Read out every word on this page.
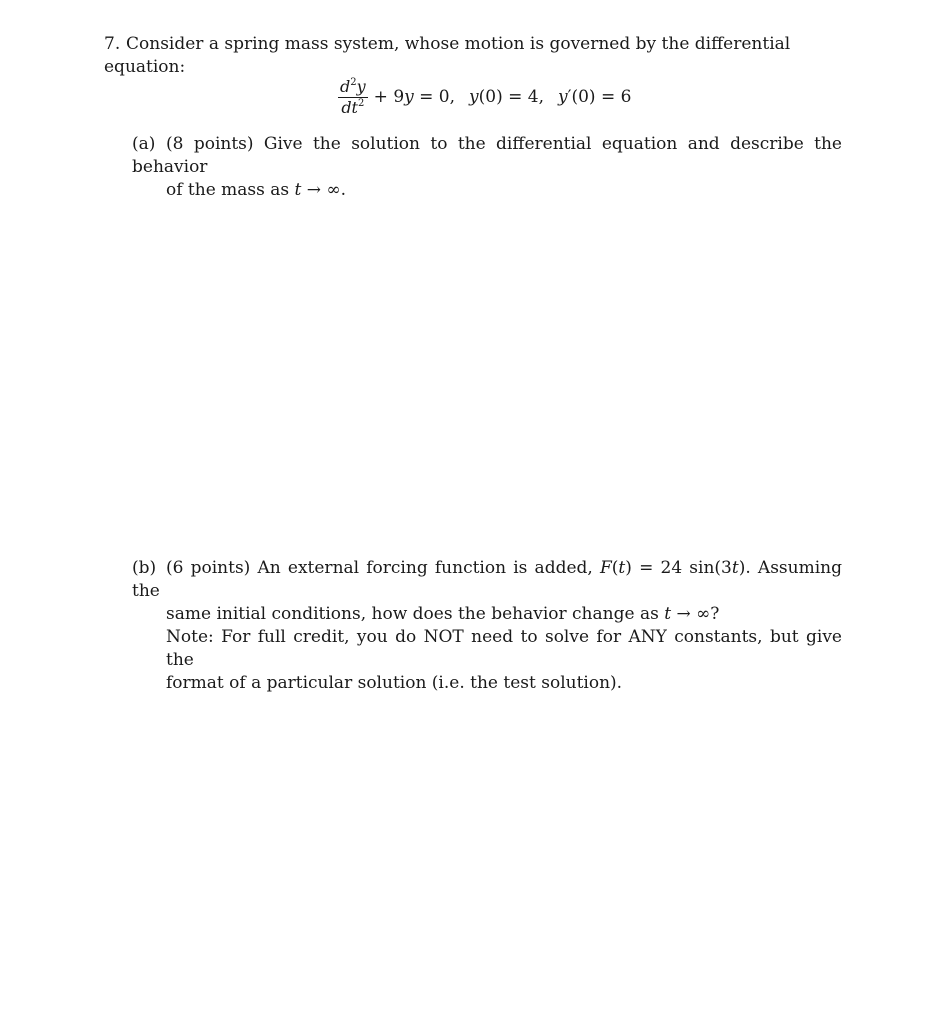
7. Consider a spring mass system, whose motion is governed by the differential equation:
$\frac{d^2y}{dt^2} + 9y = 0$, y(0) = 4, y′(0) = 6
(a) (8 points) Give the solution to the differential equation and describe the behavior
of the mass as t → ∞.
(b) (6 points) An external forcing function is added, F(t) = 24 sin(3t). Assuming the
same initial conditions, how does the behavior change as t → ∞?
Note: For full credit, you do NOT need to solve for ANY constants, but give the
format of a particular solution (i.e. the test solution).
